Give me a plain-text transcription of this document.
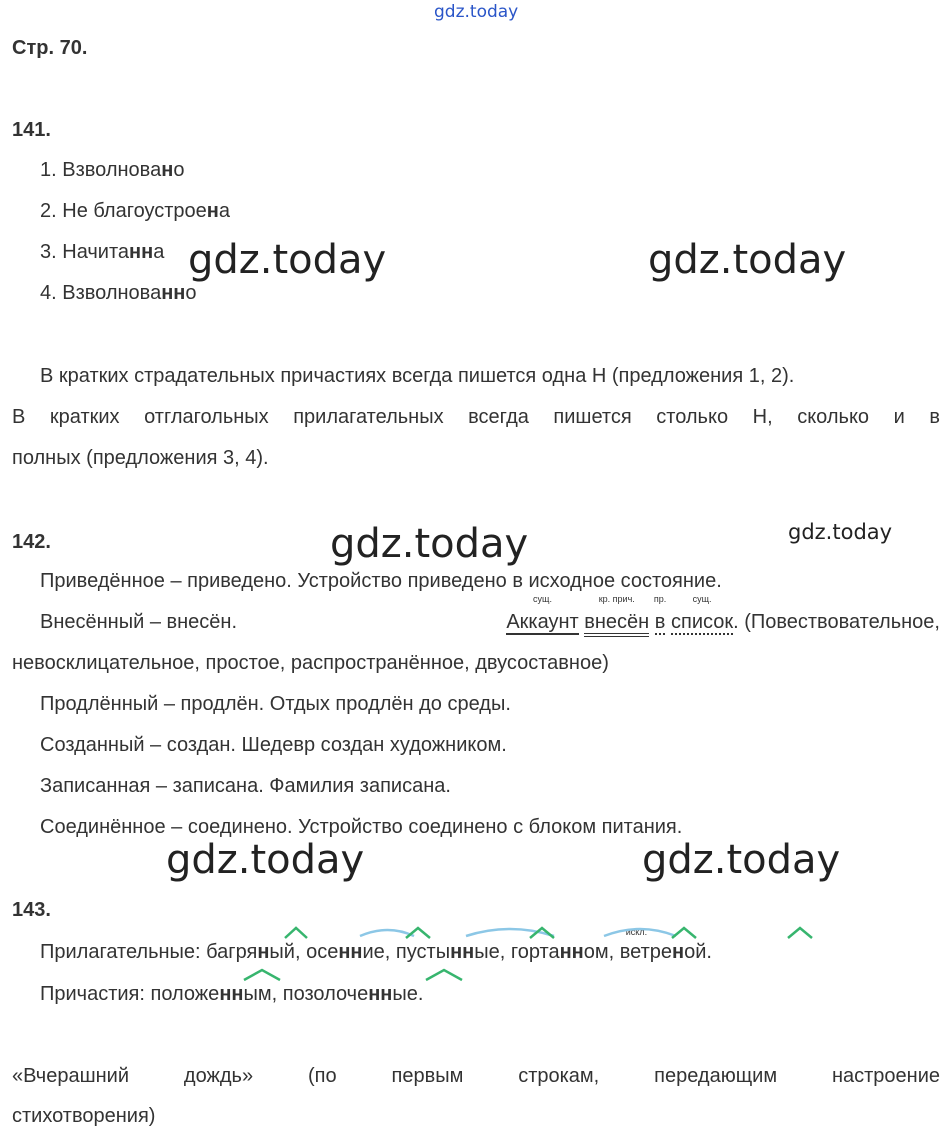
gdz.today
gdz.today	gdz.today
gdz.today	gdz.today
gdz.today	gdz.today
Стр. 70.
141.
1. Взволновано
2. Не благоустроена
3. Начитанна
4. Взволнованно
В кратких страдательных причастиях всегда пишется одна Н (предложения 1, 2).
В кратких отглагольных прилагательных всегда пишется столько Н, сколько и в
полных (предложения 3, 4).
142.
Приведённое – приведено. Устройство приведено в исходное состояние.
Внесённый – внесён.
сущ.
Аккаунт
кр. прич.
внесён
пр.
в
сущ.
список. (Повествовательное,
невосклицательное, простое, распространённое, двусоставное)
Продлённый – продлён. Отдых продлён до среды.
Созданный – создан. Шедевр создан художником.
Записанная – записана. Фамилия записана.
Соединённое – соединено. Устройство соединено с блоком питания.
143.
Прилагательные: багряный, осенние, пустынные, гортанном,
искл.
ветреной.
Причастия: положенным, позолоченные.
«Вчерашний дождь» (по первым строкам, передающим настроение
стихотворения)
